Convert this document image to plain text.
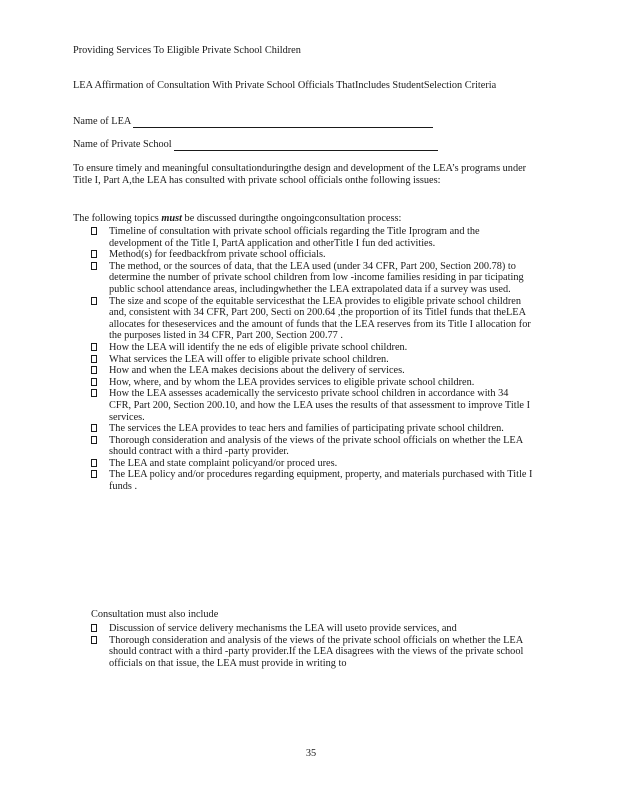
Providing Services To Eligible Private School Children
LEA Affirmation of Consultation With Private School Officials ThatIncludes StudentSelection Criteria
Name of LEA
Name of Private School
To ensure timely and meaningful consultationduringthe design and development of the LEA’s programs under Title I, Part A,the LEA has consulted with private school officials onthe following issues:
The following topics must be discussed duringthe ongoingconsultation process:
Timeline of consultation with private school officials regarding the Title Iprogram and the development of the Title I, PartA application and otherTitle I fun ded activities.
Method(s) for feedbackfrom private school officials.
The method, or the sources of data, that the LEA used (under 34 CFR, Part 200, Section 200.78) to determine the number of private school children from low -income families residing in par ticipating public school attendance areas, includingwhether the LEA extrapolated data if a survey was used.
The size and scope of the equitable servicesthat the LEA provides to eligible private school children and, consistent with 34 CFR, Part 200, Secti on 200.64 ,the proportion of its TitleI funds that theLEA allocates for theseservices and the amount of funds that the LEA reserves from its Title I allocation for the purposes listed in 34 CFR, Part 200, Section 200.77 .
How the LEA will identify the ne eds of eligible private school children.
What services the LEA will offer to eligible private school children.
How and when the LEA makes decisions about the delivery of services.
How, where, and by whom the LEA provides services to eligible private school children.
How the LEA assesses academically the servicesto private school children in accordance with 34 CFR, Part 200, Section 200.10, and how the LEA uses the results of that assessment to improve Title I services.
The services the LEA provides to teac hers and families of participating private school children.
Thorough consideration and analysis of the views of the private school officials on whether the LEA should contract with a third -party provider.
The LEA and state complaint policyand/or proced ures.
The LEA policy and/or procedures regarding equipment, property, and materials purchased with Title I funds .
Consultation must also include
Discussion of service delivery mechanisms the LEA will useto provide services, and
Thorough consideration and analysis of the views of the private school officials on whether the LEA should contract with a third -party provider.If the LEA disagrees with the views of the private school officials on that issue, the LEA must provide in writing to
35
